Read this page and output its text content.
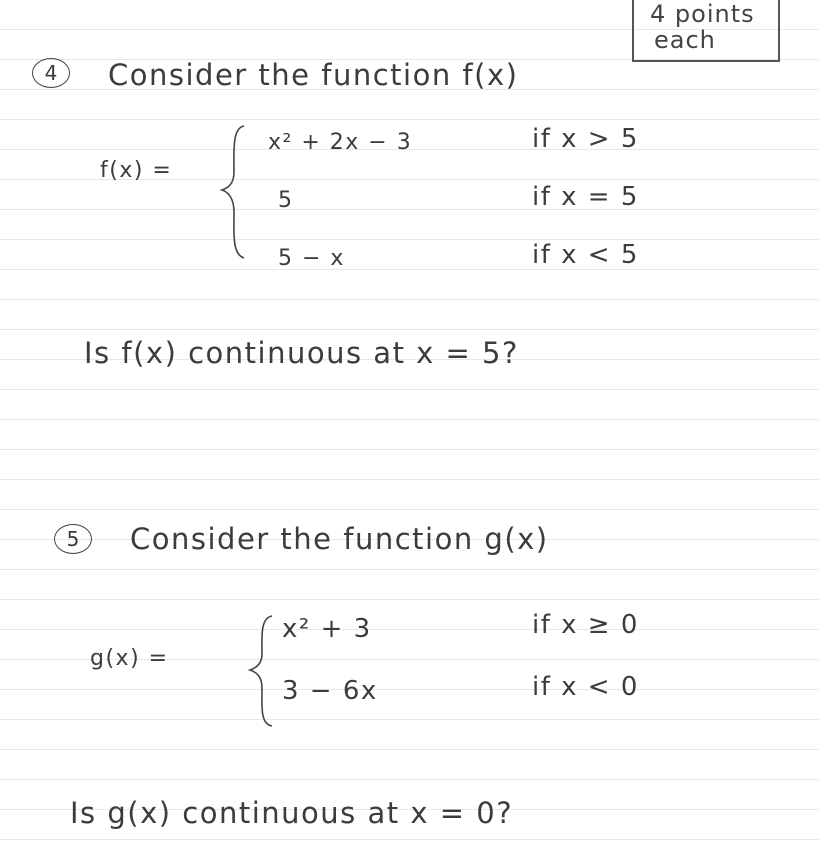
4 points
each
4	Consider the function f(x)
f(x) =
x² + 2x − 3	if x > 5
5	if x = 5
5 − x	if x < 5
Is f(x) continuous at x = 5?
5	Consider the function g(x)
g(x) =
x² + 3	if x ≥ 0
3 − 6x	if x < 0
Is g(x) continuous at x = 0?
